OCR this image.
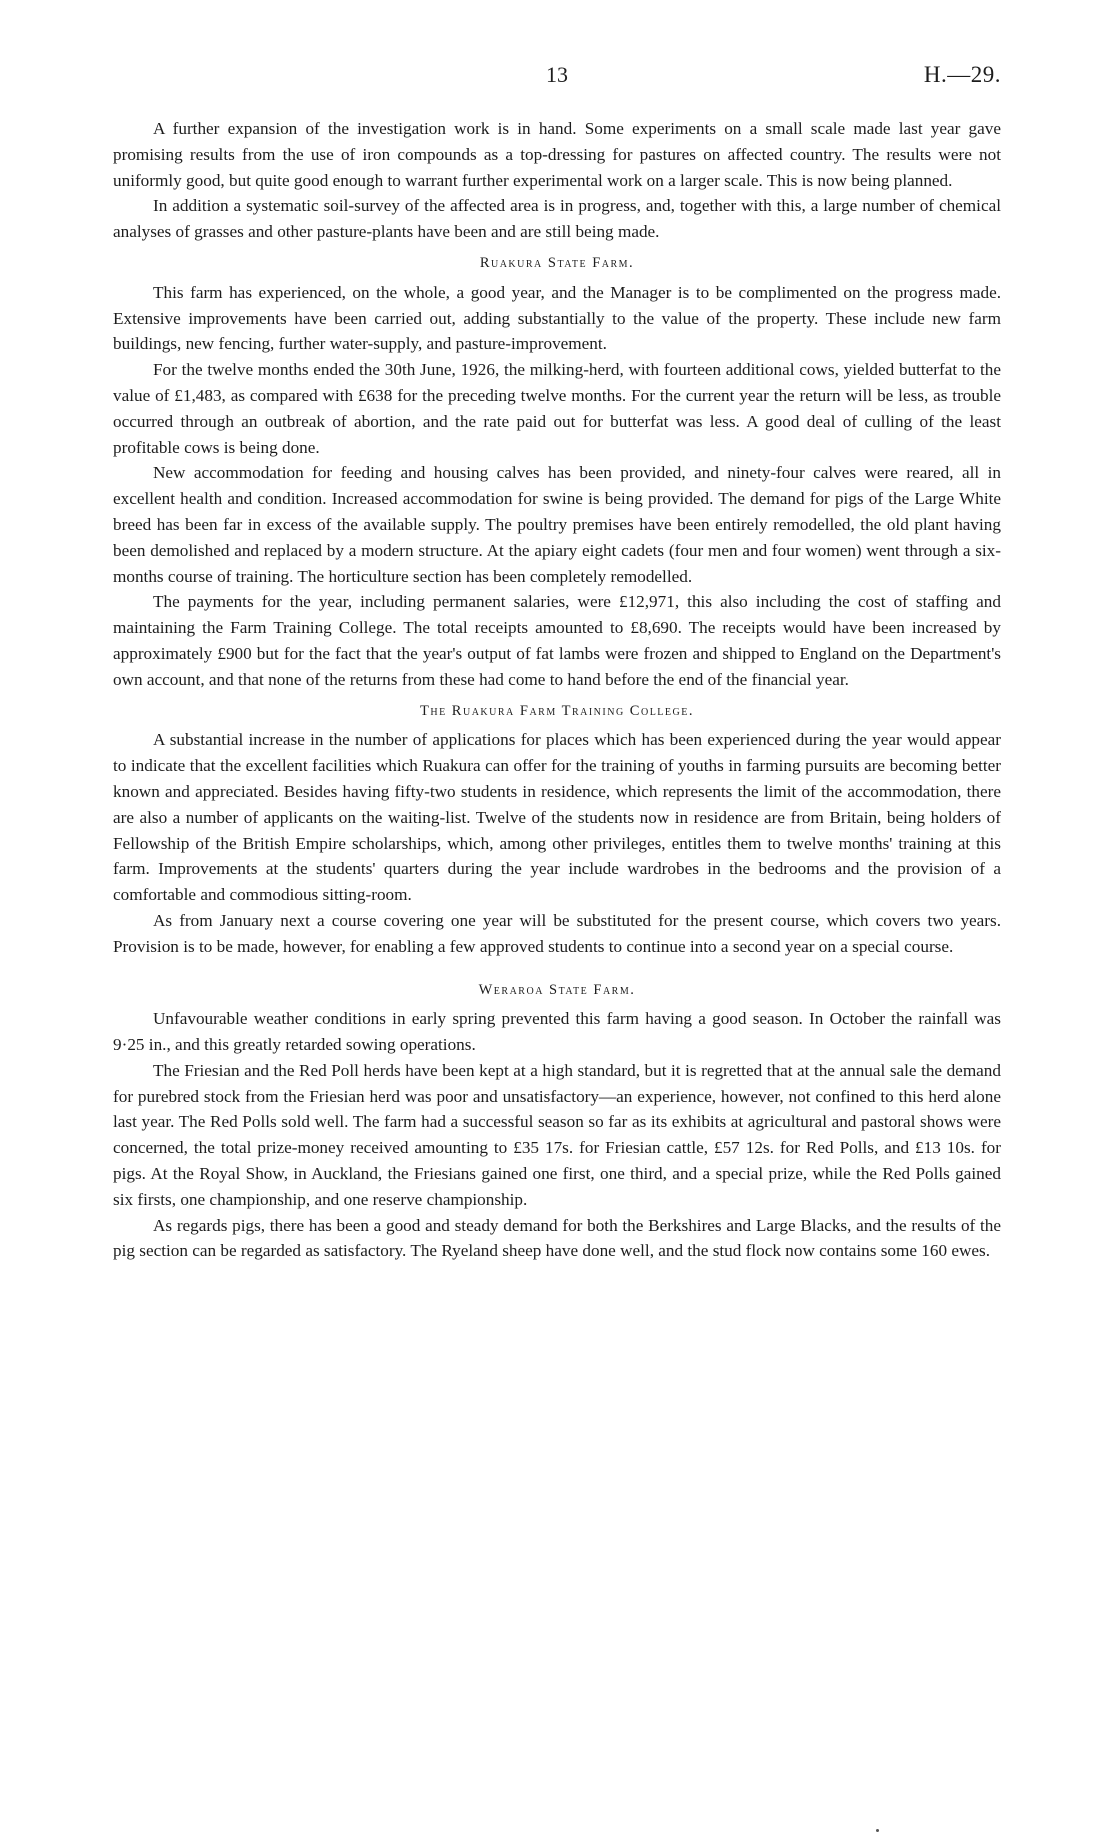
13	H.—29.

A further expansion of the investigation work is in hand. Some experiments on a small scale made last year gave promising results from the use of iron compounds as a top-dressing for pastures on affected country. The results were not uniformly good, but quite good enough to warrant further experimental work on a larger scale. This is now being planned.

In addition a systematic soil-survey of the affected area is in progress, and, together with this, a large number of chemical analyses of grasses and other pasture-plants have been and are still being made.

Ruakura State Farm.

This farm has experienced, on the whole, a good year, and the Manager is to be complimented on the progress made. Extensive improvements have been carried out, adding substantially to the value of the property. These include new farm buildings, new fencing, further water-supply, and pasture-improvement.

For the twelve months ended the 30th June, 1926, the milking-herd, with fourteen additional cows, yielded butterfat to the value of £1,483, as compared with £638 for the preceding twelve months. For the current year the return will be less, as trouble occurred through an outbreak of abortion, and the rate paid out for butterfat was less. A good deal of culling of the least profitable cows is being done.

New accommodation for feeding and housing calves has been provided, and ninety-four calves were reared, all in excellent health and condition. Increased accommodation for swine is being provided. The demand for pigs of the Large White breed has been far in excess of the available supply. The poultry premises have been entirely remodelled, the old plant having been demolished and replaced by a modern structure. At the apiary eight cadets (four men and four women) went through a six-months course of training. The horticulture section has been completely remodelled.

The payments for the year, including permanent salaries, were £12,971, this also including the cost of staffing and maintaining the Farm Training College. The total receipts amounted to £8,690. The receipts would have been increased by approximately £900 but for the fact that the year's output of fat lambs were frozen and shipped to England on the Department's own account, and that none of the returns from these had come to hand before the end of the financial year.

The Ruakura Farm Training College.

A substantial increase in the number of applications for places which has been experienced during the year would appear to indicate that the excellent facilities which Ruakura can offer for the training of youths in farming pursuits are becoming better known and appreciated. Besides having fifty-two students in residence, which represents the limit of the accommodation, there are also a number of applicants on the waiting-list. Twelve of the students now in residence are from Britain, being holders of Fellowship of the British Empire scholarships, which, among other privileges, entitles them to twelve months' training at this farm. Improvements at the students' quarters during the year include wardrobes in the bedrooms and the provision of a comfortable and commodious sitting-room.

As from January next a course covering one year will be substituted for the present course, which covers two years. Provision is to be made, however, for enabling a few approved students to continue into a second year on a special course.

Weraroa State Farm.

Unfavourable weather conditions in early spring prevented this farm having a good season. In October the rainfall was 9·25 in., and this greatly retarded sowing operations.

The Friesian and the Red Poll herds have been kept at a high standard, but it is regretted that at the annual sale the demand for purebred stock from the Friesian herd was poor and unsatisfactory—an experience, however, not confined to this herd alone last year. The Red Polls sold well. The farm had a successful season so far as its exhibits at agricultural and pastoral shows were concerned, the total prize-money received amounting to £35 17s. for Friesian cattle, £57 12s. for Red Polls, and £13 10s. for pigs. At the Royal Show, in Auckland, the Friesians gained one first, one third, and a special prize, while the Red Polls gained six firsts, one championship, and one reserve championship.

As regards pigs, there has been a good and steady demand for both the Berkshires and Large Blacks, and the results of the pig section can be regarded as satisfactory. The Ryeland sheep have done well, and the stud flock now contains some 160 ewes.
